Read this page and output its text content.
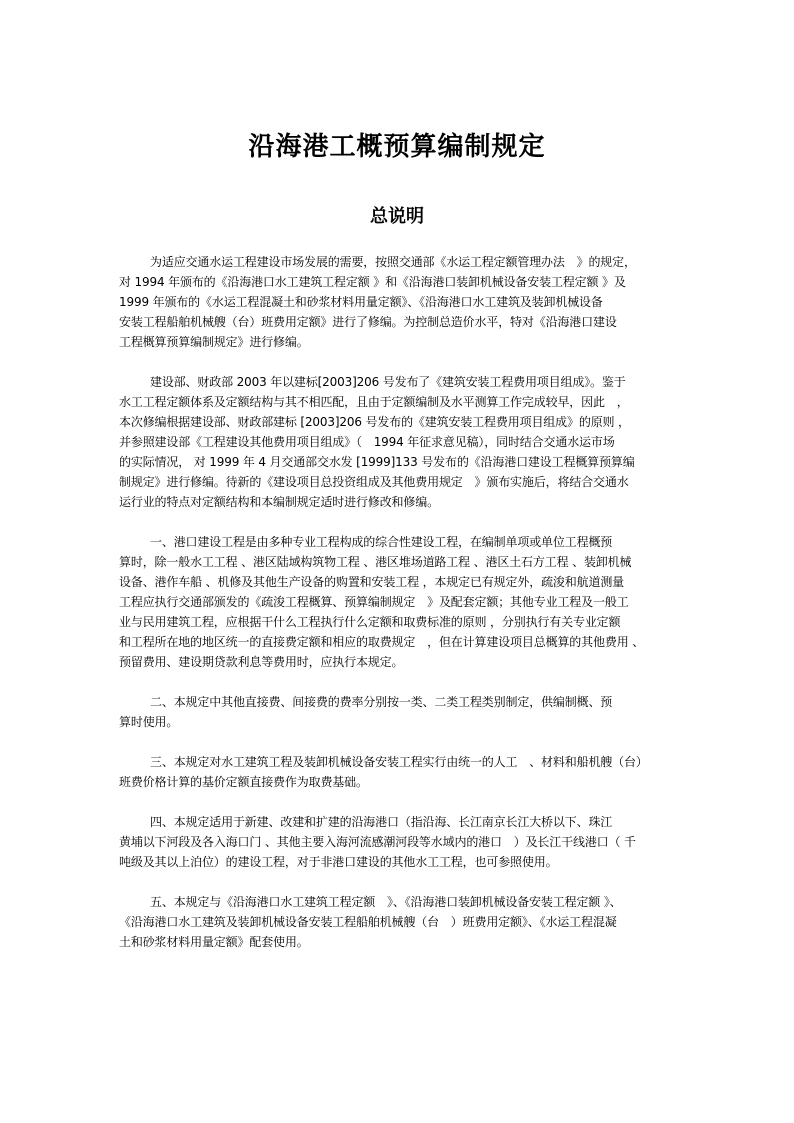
沿海港工概预算编制规定
总说明
为适应交通水运工程建设市场发展的需要，按照交通部《水运工程定额管理办法　》的规定，
对 1994 年颁布的《沿海港口水工建筑工程定额 》和《沿海港口装卸机械设备安装工程定额 》及
1999 年颁布的《水运工程混凝土和砂浆材料用量定额》、《沿海港口水工建筑及装卸机械设备
安装工程船舶机械艘（台）班费用定额》进行了修编。为控制总造价水平，特对《沿海港口建设
工程概算预算编制规定》进行修编。
建设部、财政部 2003 年以建标[2003]206 号发布了《建筑安装工程费用项目组成》。鉴于
水工工程定额体系及定额结构与其不相匹配，且由于定额编制及水平测算工作完成较早，因此　，
本次修编根据建设部、财政部建标 [2003]206 号发布的《建筑安装工程费用项目组成》的原则 ，
并参照建设部《工程建设其他费用项目组成》（　1994 年征求意见稿），同时结合交通水运市场
的实际情况， 对 1999 年 4 月交通部交水发 [1999]133 号发布的《沿海港口建设工程概算预算编
制规定》进行修编。待新的《建设项目总投资组成及其他费用规定　》颁布实施后，将结合交通水
运行业的特点对定额结构和本编制规定适时进行修改和修编。
一、港口建设工程是由多种专业工程构成的综合性建设工程，在编制单项或单位工程概预
算时，除一般水工工程 、港区陆域构筑物工程 、港区堆场道路工程 、港区土石方工程 、装卸机械
设备、港作车船 、机修及其他生产设备的购置和安装工程 ，本规定已有规定外，疏浚和航道测量
工程应执行交通部颁发的《疏浚工程概算、预算编制规定　》及配套定额；其他专业工程及一般工
业与民用建筑工程，应根据干什么工程执行什么定额和取费标准的原则 ，分别执行有关专业定额
和工程所在地的地区统一的直接费定额和相应的取费规定　，但在计算建设项目总概算的其他费用 、
预留费用、建设期贷款利息等费用时，应执行本规定。
二、本规定中其他直接费、间接费的费率分别按一类、二类工程类别制定，供编制概、预
算时使用。
三、本规定对水工建筑工程及装卸机械设备安装工程实行由统一的人工　、材料和船机艘（台）
班费价格计算的基价定额直接费作为取费基础。
四、本规定适用于新建、改建和扩建的沿海港口（指沿海、长江南京长江大桥以下、珠江
黄埔以下河段及各入海口门 、其他主要入海河流感潮河段等水域内的港口　）及长江干线港口（ 千
吨级及其以上泊位）的建设工程，对于非港口建设的其他水工工程，也可参照使用。
五、本规定与《沿海港口水工建筑工程定额　》、《沿海港口装卸机械设备安装工程定额 》、
《沿海港口水工建筑及装卸机械设备安装工程船舶机械艘（台　）班费用定额》、《水运工程混凝
土和砂浆材料用量定额》配套使用。
